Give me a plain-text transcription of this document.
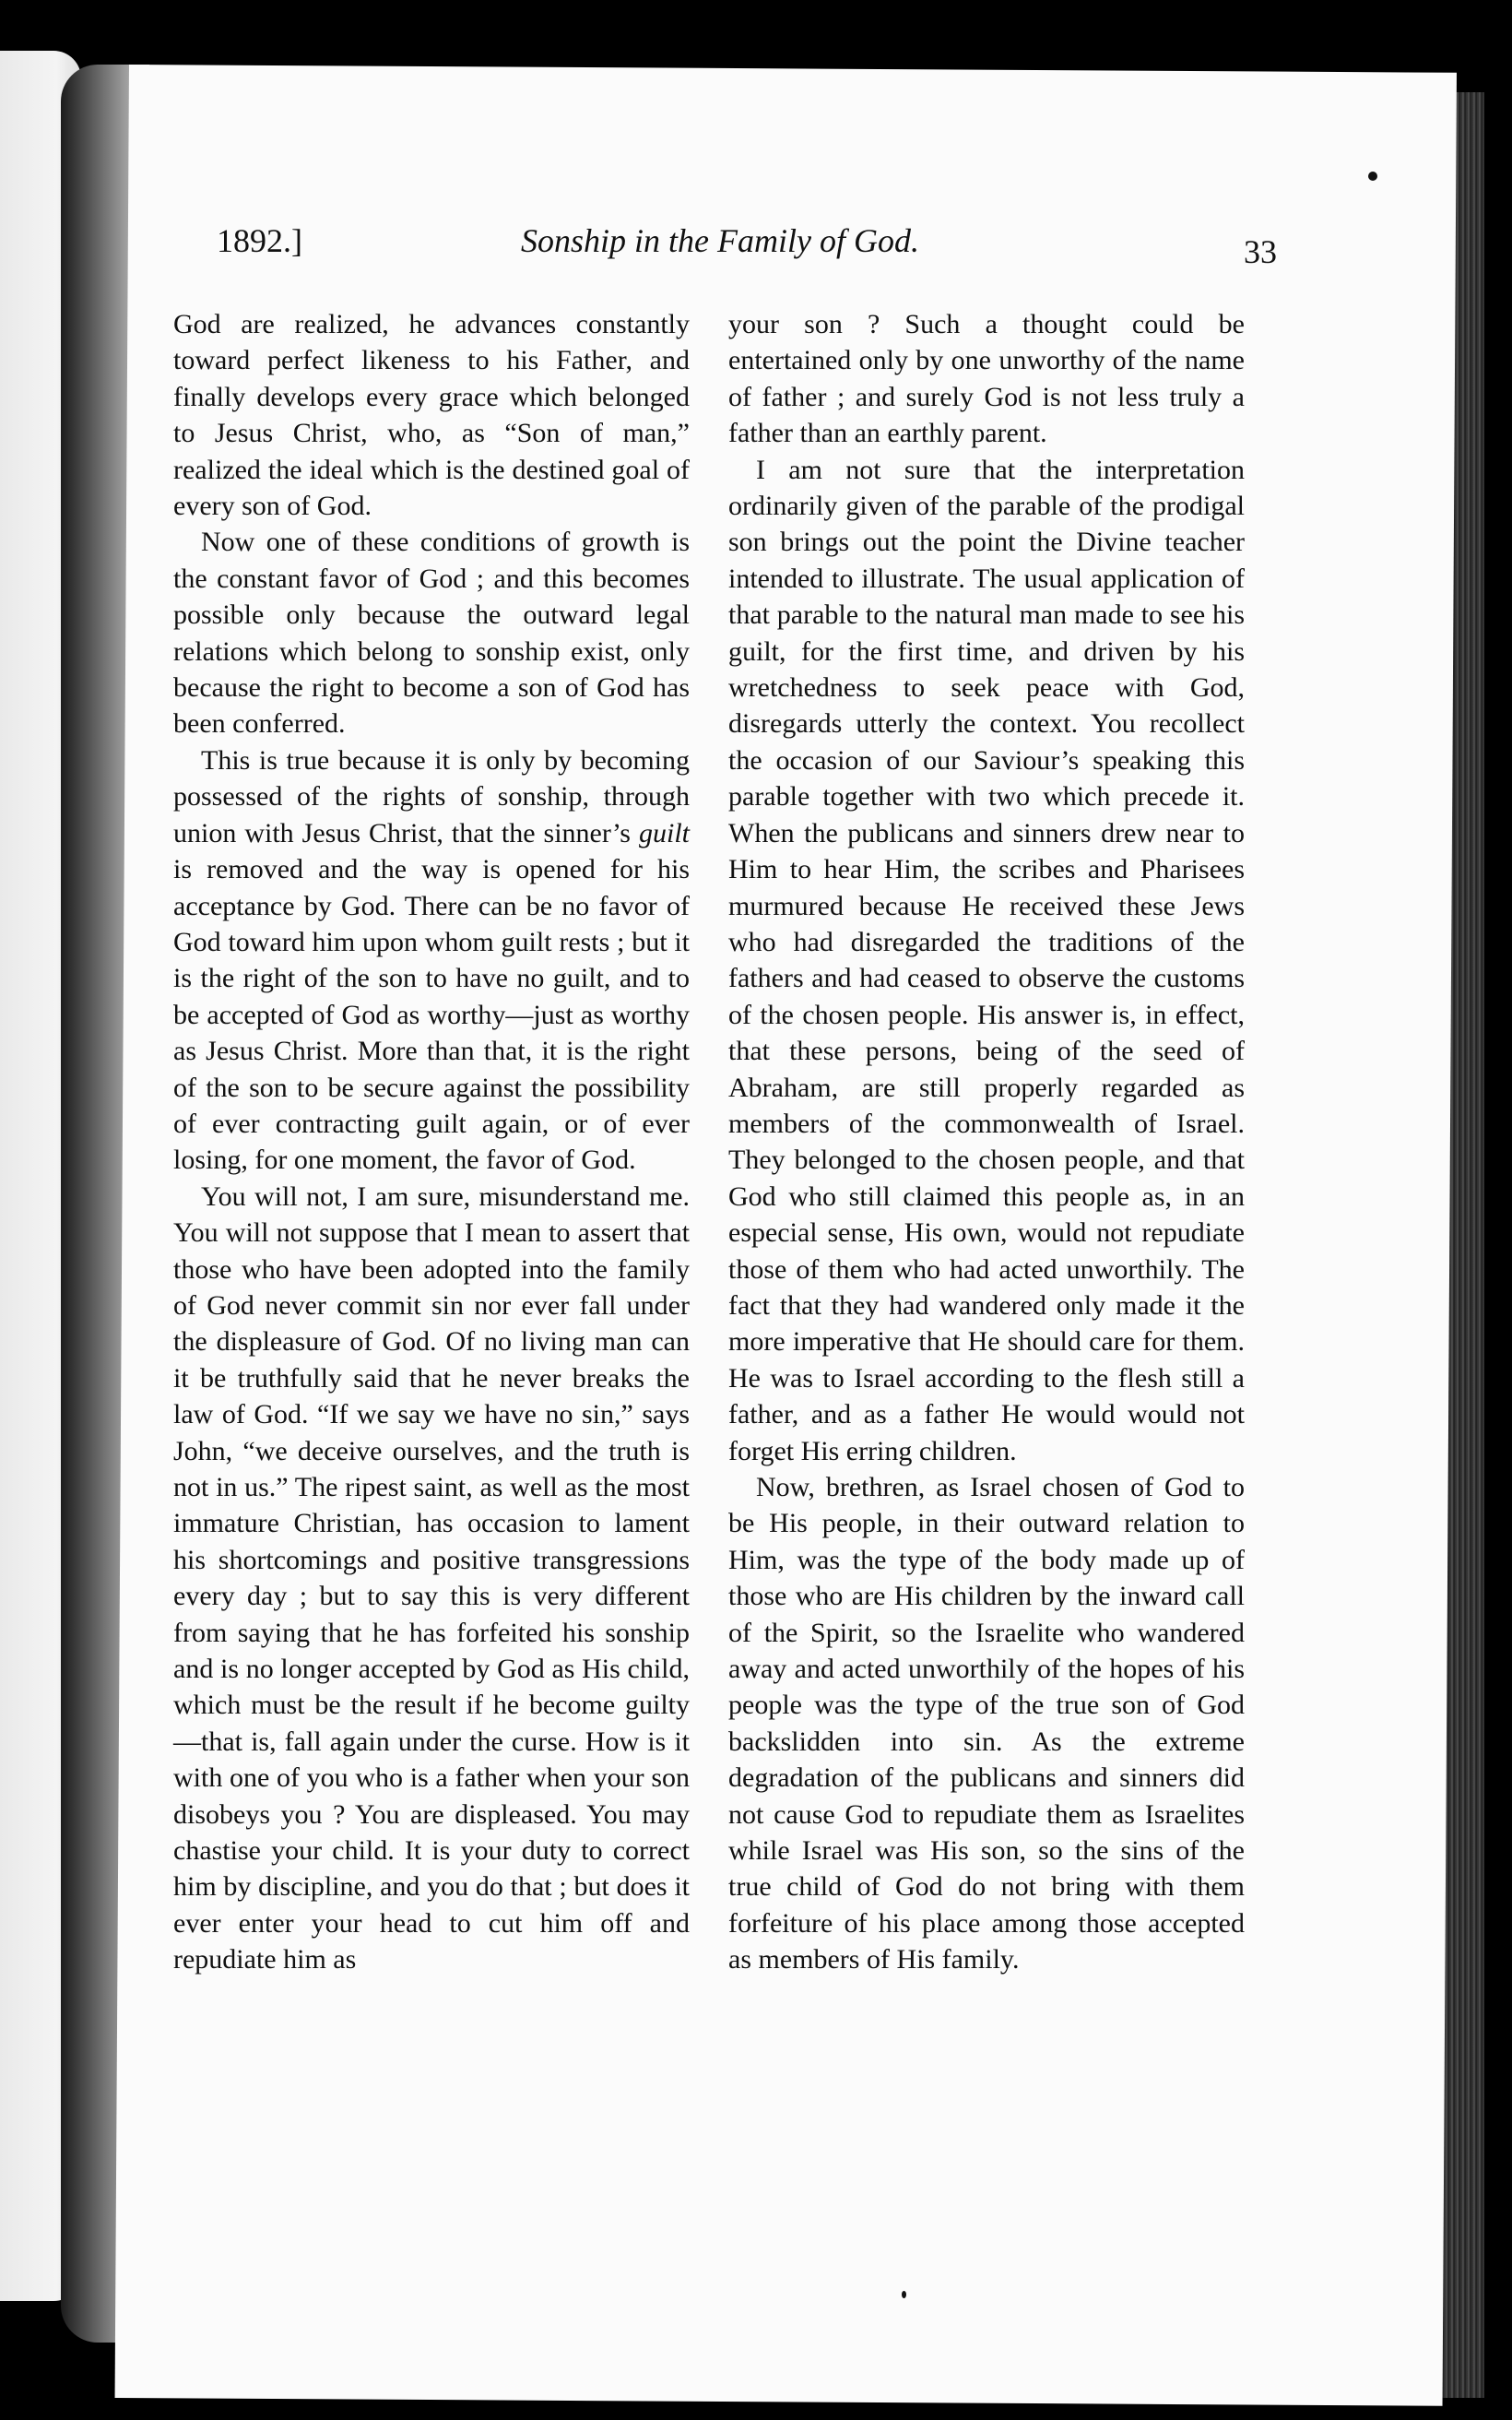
1892.]	Sonship in the Family of God.	33

God are realized, he advances constantly toward perfect likeness to his Father, and finally develops every grace which belonged to Jesus Christ, who, as “Son of man,” realized the ideal which is the destined goal of every son of God.

Now one of these conditions of growth is the constant favor of God ; and this becomes possible only because the outward legal relations which belong to sonship exist, only because the right to become a son of God has been conferred.

This is true because it is only by becoming possessed of the rights of sonship, through union with Jesus Christ, that the sinner’s guilt is removed and the way is opened for his acceptance by God. There can be no favor of God toward him upon whom guilt rests ; but it is the right of the son to have no guilt, and to be accepted of God as worthy—just as worthy as Jesus Christ. More than that, it is the right of the son to be secure against the possibility of ever contracting guilt again, or of ever losing, for one moment, the favor of God.

You will not, I am sure, misunderstand me. You will not suppose that I mean to assert that those who have been adopted into the family of God never commit sin nor ever fall under the displeasure of God. Of no living man can it be truthfully said that he never breaks the law of God. “If we say we have no sin,” says John, “we deceive ourselves, and the truth is not in us.” The ripest saint, as well as the most immature Christian, has occasion to lament his shortcomings and positive transgressions every day ; but to say this is very different from saying that he has forfeited his sonship and is no longer accepted by God as His child, which must be the result if he become guilty—that is, fall again under the curse. How is it with one of you who is a father when your son disobeys you ? You are displeased. You may chastise your child. It is your duty to correct him by discipline, and you do that ; but does it ever enter your head to cut him off and repudiate him as

your son ? Such a thought could be entertained only by one unworthy of the name of father ; and surely God is not less truly a father than an earthly parent.

I am not sure that the interpretation ordinarily given of the parable of the prodigal son brings out the point the Divine teacher intended to illustrate. The usual application of that parable to the natural man made to see his guilt, for the first time, and driven by his wretchedness to seek peace with God, disregards utterly the context. You recollect the occasion of our Saviour’s speaking this parable together with two which precede it. When the publicans and sinners drew near to Him to hear Him, the scribes and Pharisees murmured because He received these Jews who had disregarded the traditions of the fathers and had ceased to observe the customs of the chosen people. His answer is, in effect, that these persons, being of the seed of Abraham, are still properly regarded as members of the commonwealth of Israel. They belonged to the chosen people, and that God who still claimed this people as, in an especial sense, His own, would not repudiate those of them who had acted unworthily. The fact that they had wandered only made it the more imperative that He should care for them. He was to Israel according to the flesh still a father, and as a father He would would not forget His erring children.

Now, brethren, as Israel chosen of God to be His people, in their outward relation to Him, was the type of the body made up of those who are His children by the inward call of the Spirit, so the Israelite who wandered away and acted unworthily of the hopes of his people was the type of the true son of God backslidden into sin. As the extreme degradation of the publicans and sinners did not cause God to repudiate them as Israelites while Israel was His son, so the sins of the true child of God do not bring with them forfeiture of his place among those accepted as members of His family.
